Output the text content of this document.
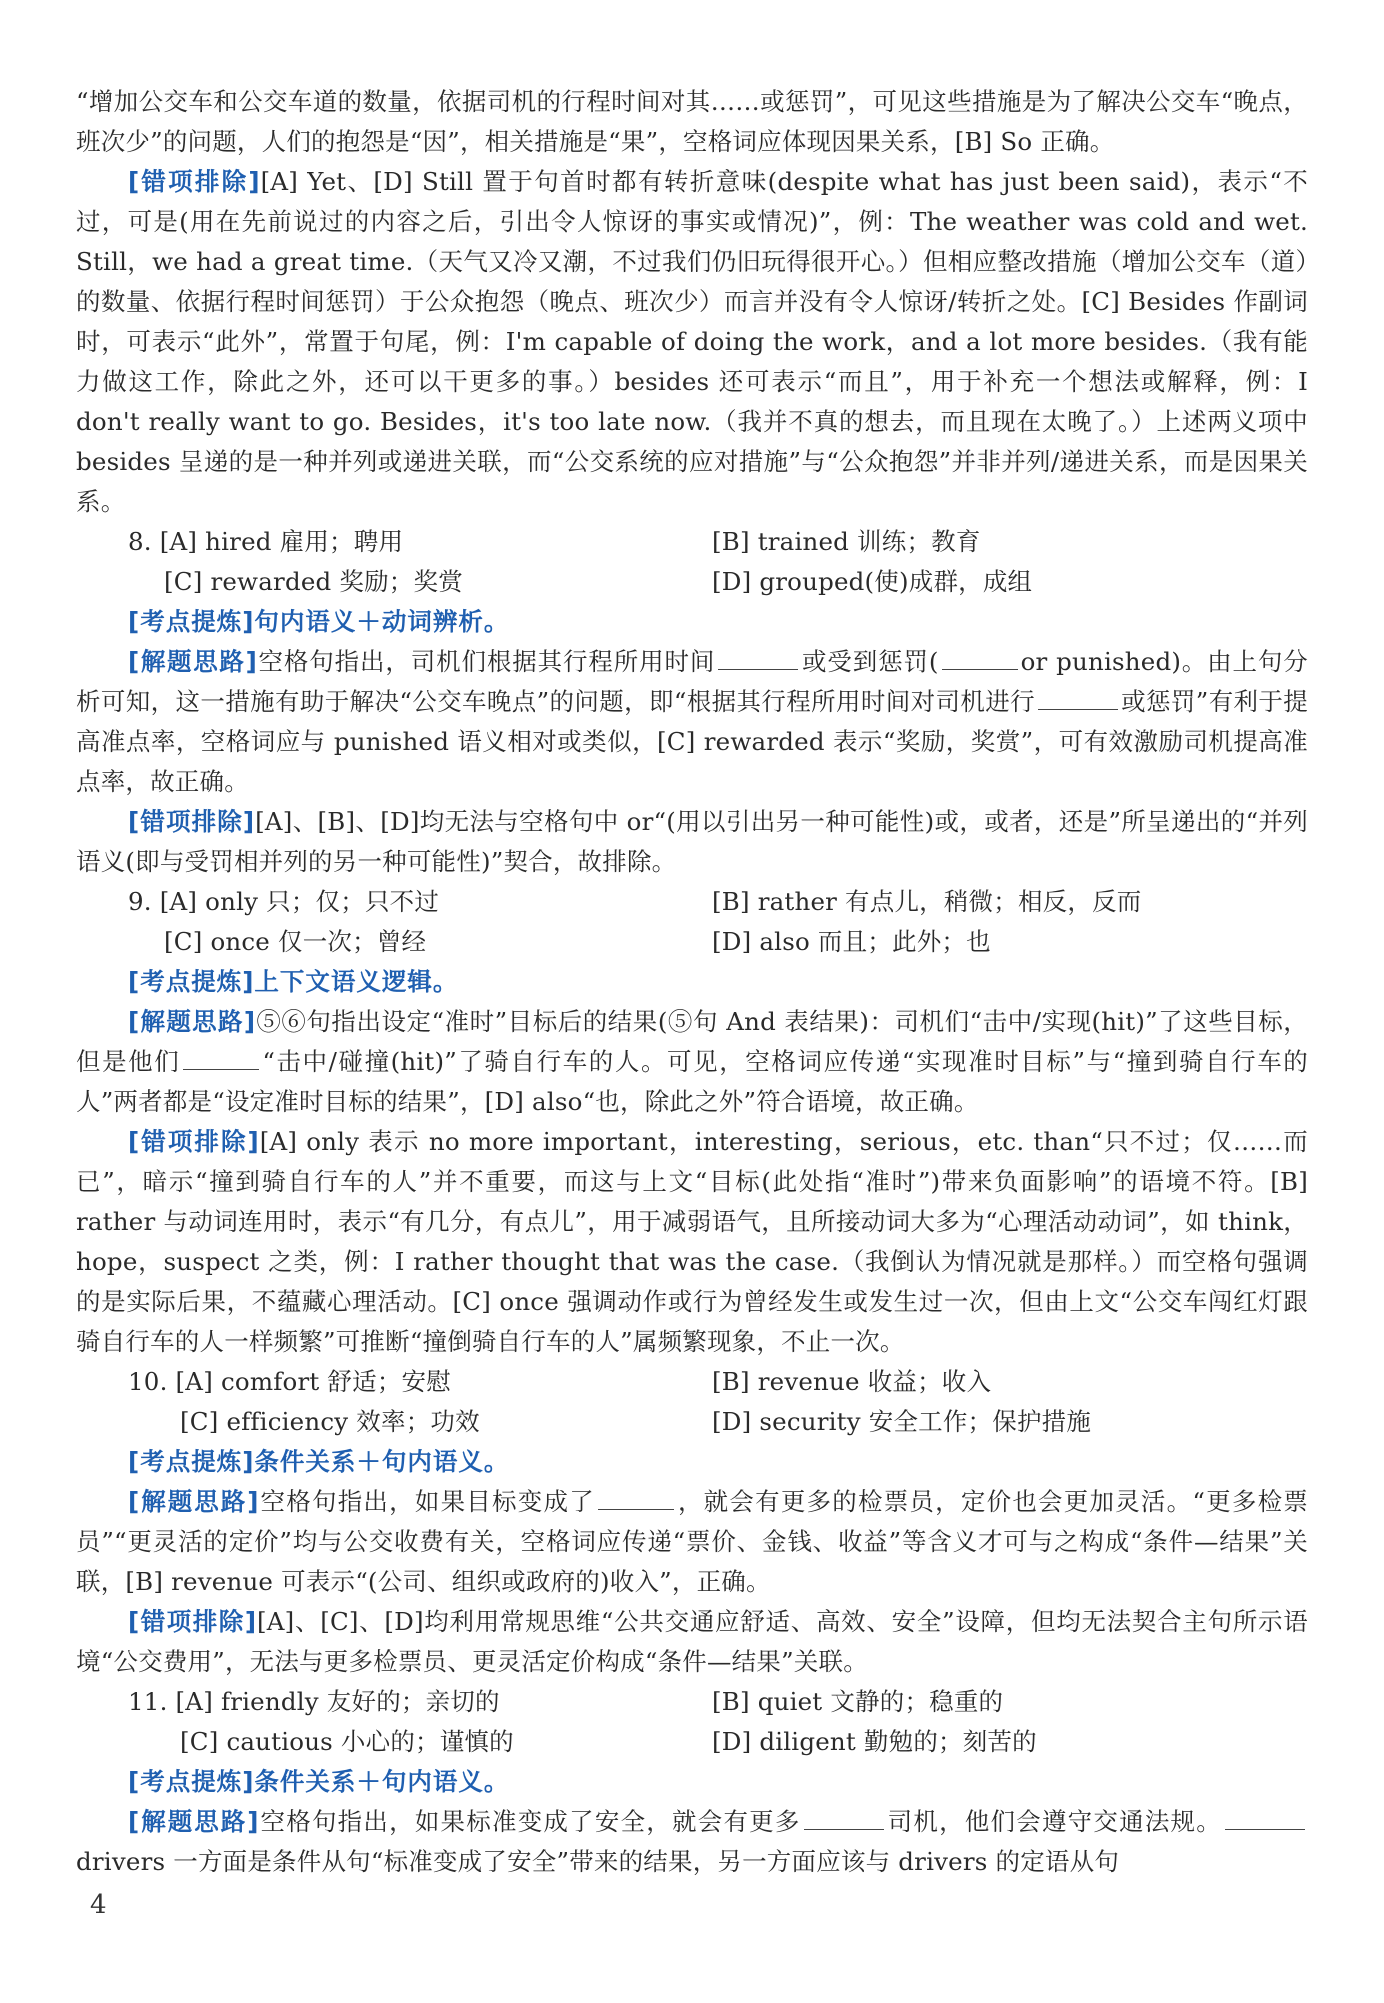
“增加公交车和公交车道的数量，依据司机的行程时间对其……或惩罚”，可见这些措施是为了解决公交车“晚点，班次少”的问题，人们的抱怨是“因”，相关措施是“果”，空格词应体现因果关系，[B] So 正确。

[错项排除][A] Yet、[D] Still 置于句首时都有转折意味(despite what has just been said)，表示“不过，可是(用在先前说过的内容之后，引出令人惊讶的事实或情况)”，例：The weather was cold and wet. Still，we had a great time.（天气又冷又潮，不过我们仍旧玩得很开心。）但相应整改措施（增加公交车（道）的数量、依据行程时间惩罚）于公众抱怨（晚点、班次少）而言并没有令人惊讶/转折之处。[C] Besides 作副词时，可表示“此外”，常置于句尾，例：I'm capable of doing the work，and a lot more besides.（我有能力做这工作，除此之外，还可以干更多的事。）besides 还可表示“而且”，用于补充一个想法或解释，例：I don't really want to go. Besides，it's too late now.（我并不真的想去，而且现在太晚了。）上述两义项中 besides 呈递的是一种并列或递进关联，而“公交系统的应对措施”与“公众抱怨”并非并列/递进关系，而是因果关系。

8. [A] hired 雇用；聘用	[B] trained 训练；教育
[C] rewarded 奖励；奖赏	[D] grouped(使)成群，成组

[考点提炼]句内语义＋动词辨析。

[解题思路]空格句指出，司机们根据其行程所用时间	或受到惩罚(	or punished)。由上句分析可知，这一措施有助于解决“公交车晚点”的问题，即“根据其行程所用时间对司机进行	或惩罚”有利于提高准点率，空格词应与 punished 语义相对或类似，[C] rewarded 表示“奖励，奖赏”，可有效激励司机提高准点率，故正确。

[错项排除][A]、[B]、[D]均无法与空格句中 or“(用以引出另一种可能性)或，或者，还是”所呈递出的“并列语义(即与受罚相并列的另一种可能性)”契合，故排除。

9. [A] only 只；仅；只不过	[B] rather 有点儿，稍微；相反，反而
[C] once 仅一次；曾经	[D] also 而且；此外；也

[考点提炼]上下文语义逻辑。

[解题思路]⑤⑥句指出设定“准时”目标后的结果(⑤句 And 表结果)：司机们“击中/实现(hit)”了这些目标，但是他们	“击中/碰撞(hit)”了骑自行车的人。可见，空格词应传递“实现准时目标”与“撞到骑自行车的人”两者都是“设定准时目标的结果”，[D] also“也，除此之外”符合语境，故正确。

[错项排除][A] only 表示 no more important，interesting，serious，etc. than“只不过；仅……而已”，暗示“撞到骑自行车的人”并不重要，而这与上文“目标(此处指“准时”)带来负面影响”的语境不符。[B] rather 与动词连用时，表示“有几分，有点儿”，用于减弱语气，且所接动词大多为“心理活动动词”，如 think，hope，suspect 之类，例：I rather thought that was the case.（我倒认为情况就是那样。）而空格句强调的是实际后果，不蕴藏心理活动。[C] once 强调动作或行为曾经发生或发生过一次，但由上文“公交车闯红灯跟骑自行车的人一样频繁”可推断“撞倒骑自行车的人”属频繁现象，不止一次。

10. [A] comfort 舒适；安慰	[B] revenue 收益；收入
[C] efficiency 效率；功效	[D] security 安全工作；保护措施

[考点提炼]条件关系＋句内语义。

[解题思路]空格句指出，如果目标变成了	，就会有更多的检票员，定价也会更加灵活。“更多检票员”“更灵活的定价”均与公交收费有关，空格词应传递“票价、金钱、收益”等含义才可与之构成“条件—结果”关联，[B] revenue 可表示“(公司、组织或政府的)收入”，正确。

[错项排除][A]、[C]、[D]均利用常规思维“公共交通应舒适、高效、安全”设障，但均无法契合主句所示语境“公交费用”，无法与更多检票员、更灵活定价构成“条件—结果”关联。

11. [A] friendly 友好的；亲切的	[B] quiet 文静的；稳重的
[C] cautious 小心的；谨慎的	[D] diligent 勤勉的；刻苦的

[考点提炼]条件关系＋句内语义。

[解题思路]空格句指出，如果标准变成了安全，就会有更多	司机，他们会遵守交通法规。drivers 一方面是条件从句“标准变成了安全”带来的结果，另一方面应该与 drivers 的定语从句

4
